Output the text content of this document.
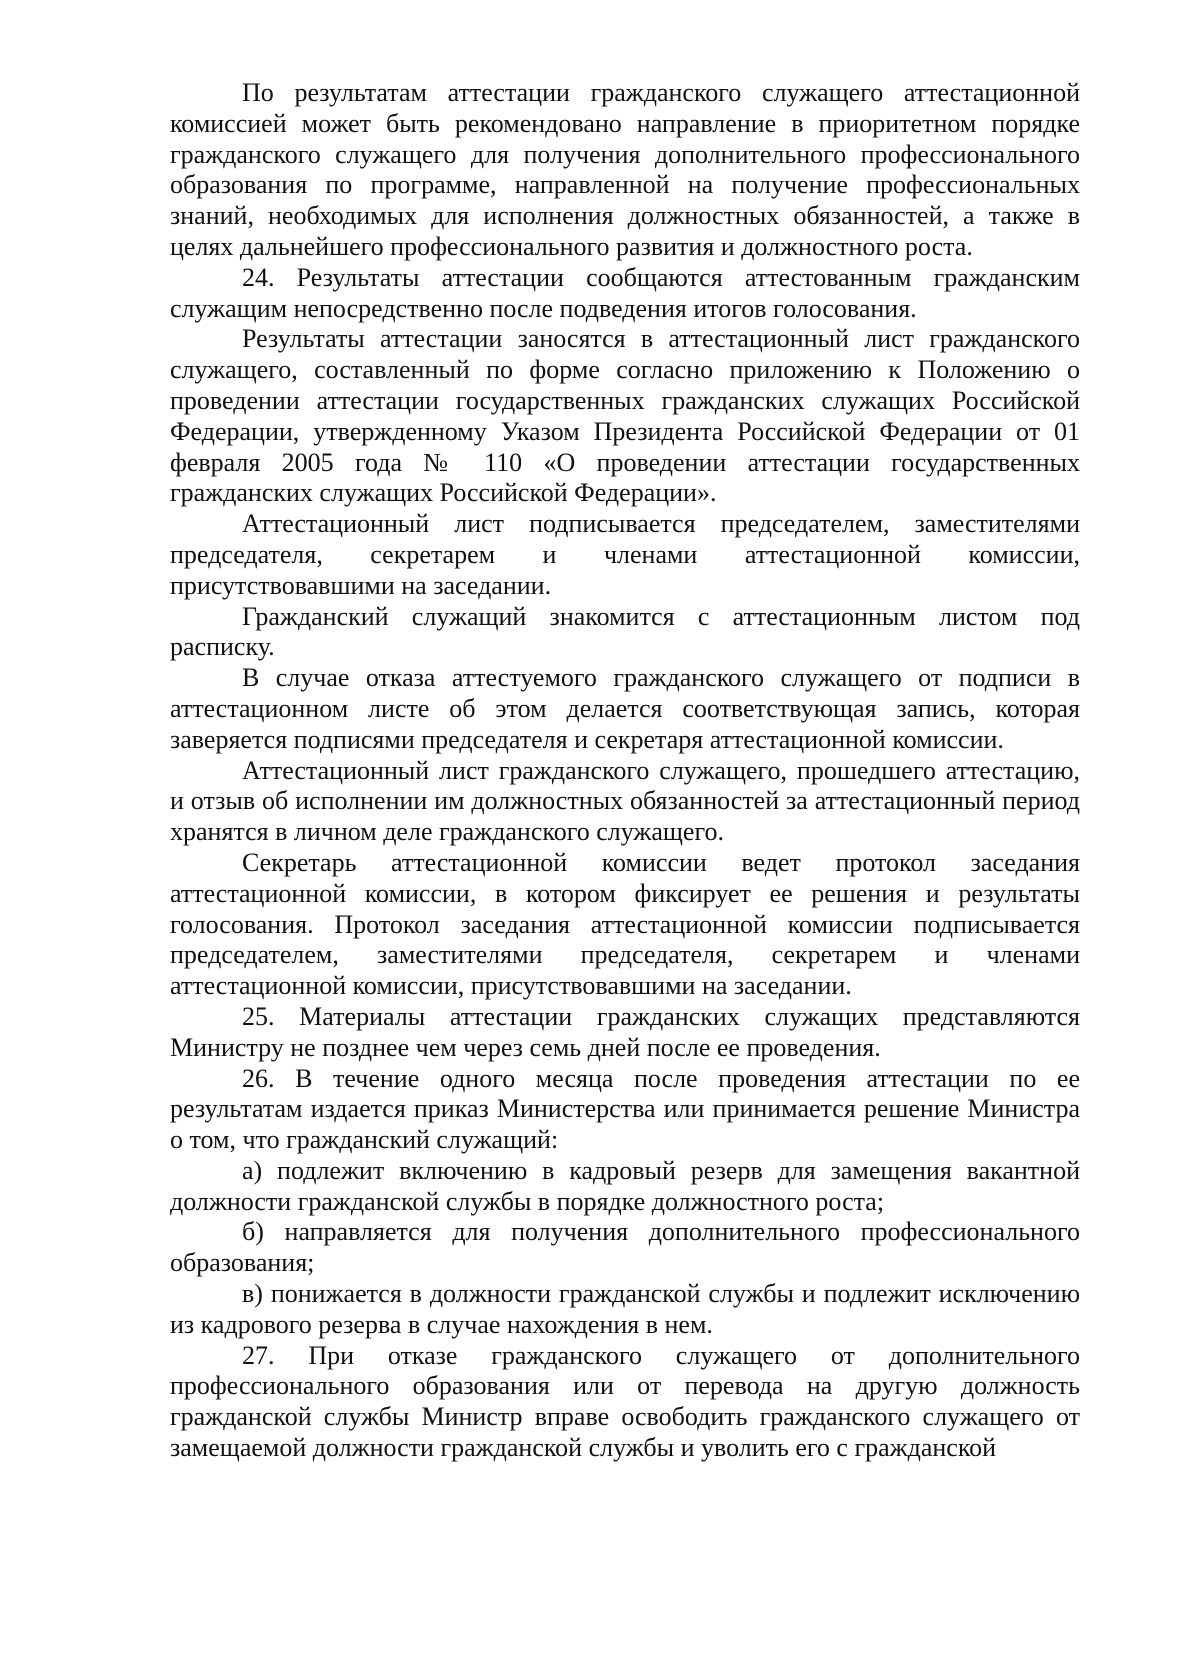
По результатам аттестации гражданского служащего аттестационной комиссией может быть рекомендовано направление в приоритетном порядке гражданского служащего для получения дополнительного профессионального образования по программе, направленной на получение профессиональных знаний, необходимых для исполнения должностных обязанностей, а также в целях дальнейшего профессионального развития и должностного роста.

24. Результаты аттестации сообщаются аттестованным гражданским служащим непосредственно после подведения итогов голосования.

Результаты аттестации заносятся в аттестационный лист гражданского служащего, составленный по форме согласно приложению к Положению о проведении аттестации государственных гражданских служащих Российской Федерации, утвержденному Указом Президента Российской Федерации от 01 февраля 2005 года № 110 «О проведении аттестации государственных гражданских служащих Российской Федерации».

Аттестационный лист подписывается председателем, заместителями председателя, секретарем и членами аттестационной комиссии, присутствовавшими на заседании.

Гражданский служащий знакомится с аттестационным листом под расписку.

В случае отказа аттестуемого гражданского служащего от подписи в аттестационном листе об этом делается соответствующая запись, которая заверяется подписями председателя и секретаря аттестационной комиссии.

Аттестационный лист гражданского служащего, прошедшего аттестацию, и отзыв об исполнении им должностных обязанностей за аттестационный период хранятся в личном деле гражданского служащего.

Секретарь аттестационной комиссии ведет протокол заседания аттестационной комиссии, в котором фиксирует ее решения и результаты голосования. Протокол заседания аттестационной комиссии подписывается председателем, заместителями председателя, секретарем и членами аттестационной комиссии, присутствовавшими на заседании.

25. Материалы аттестации гражданских служащих представляются Министру не позднее чем через семь дней после ее проведения.

26. В течение одного месяца после проведения аттестации по ее результатам издается приказ Министерства или принимается решение Министра о том, что гражданский служащий:

а) подлежит включению в кадровый резерв для замещения вакантной должности гражданской службы в порядке должностного роста;

б) направляется для получения дополнительного профессионального образования;

в) понижается в должности гражданской службы и подлежит исключению из кадрового резерва в случае нахождения в нем.

27. При отказе гражданского служащего от дополнительного профессионального образования или от перевода на другую должность гражданской службы Министр вправе освободить гражданского служащего от замещаемой должности гражданской службы и уволить его с гражданской
